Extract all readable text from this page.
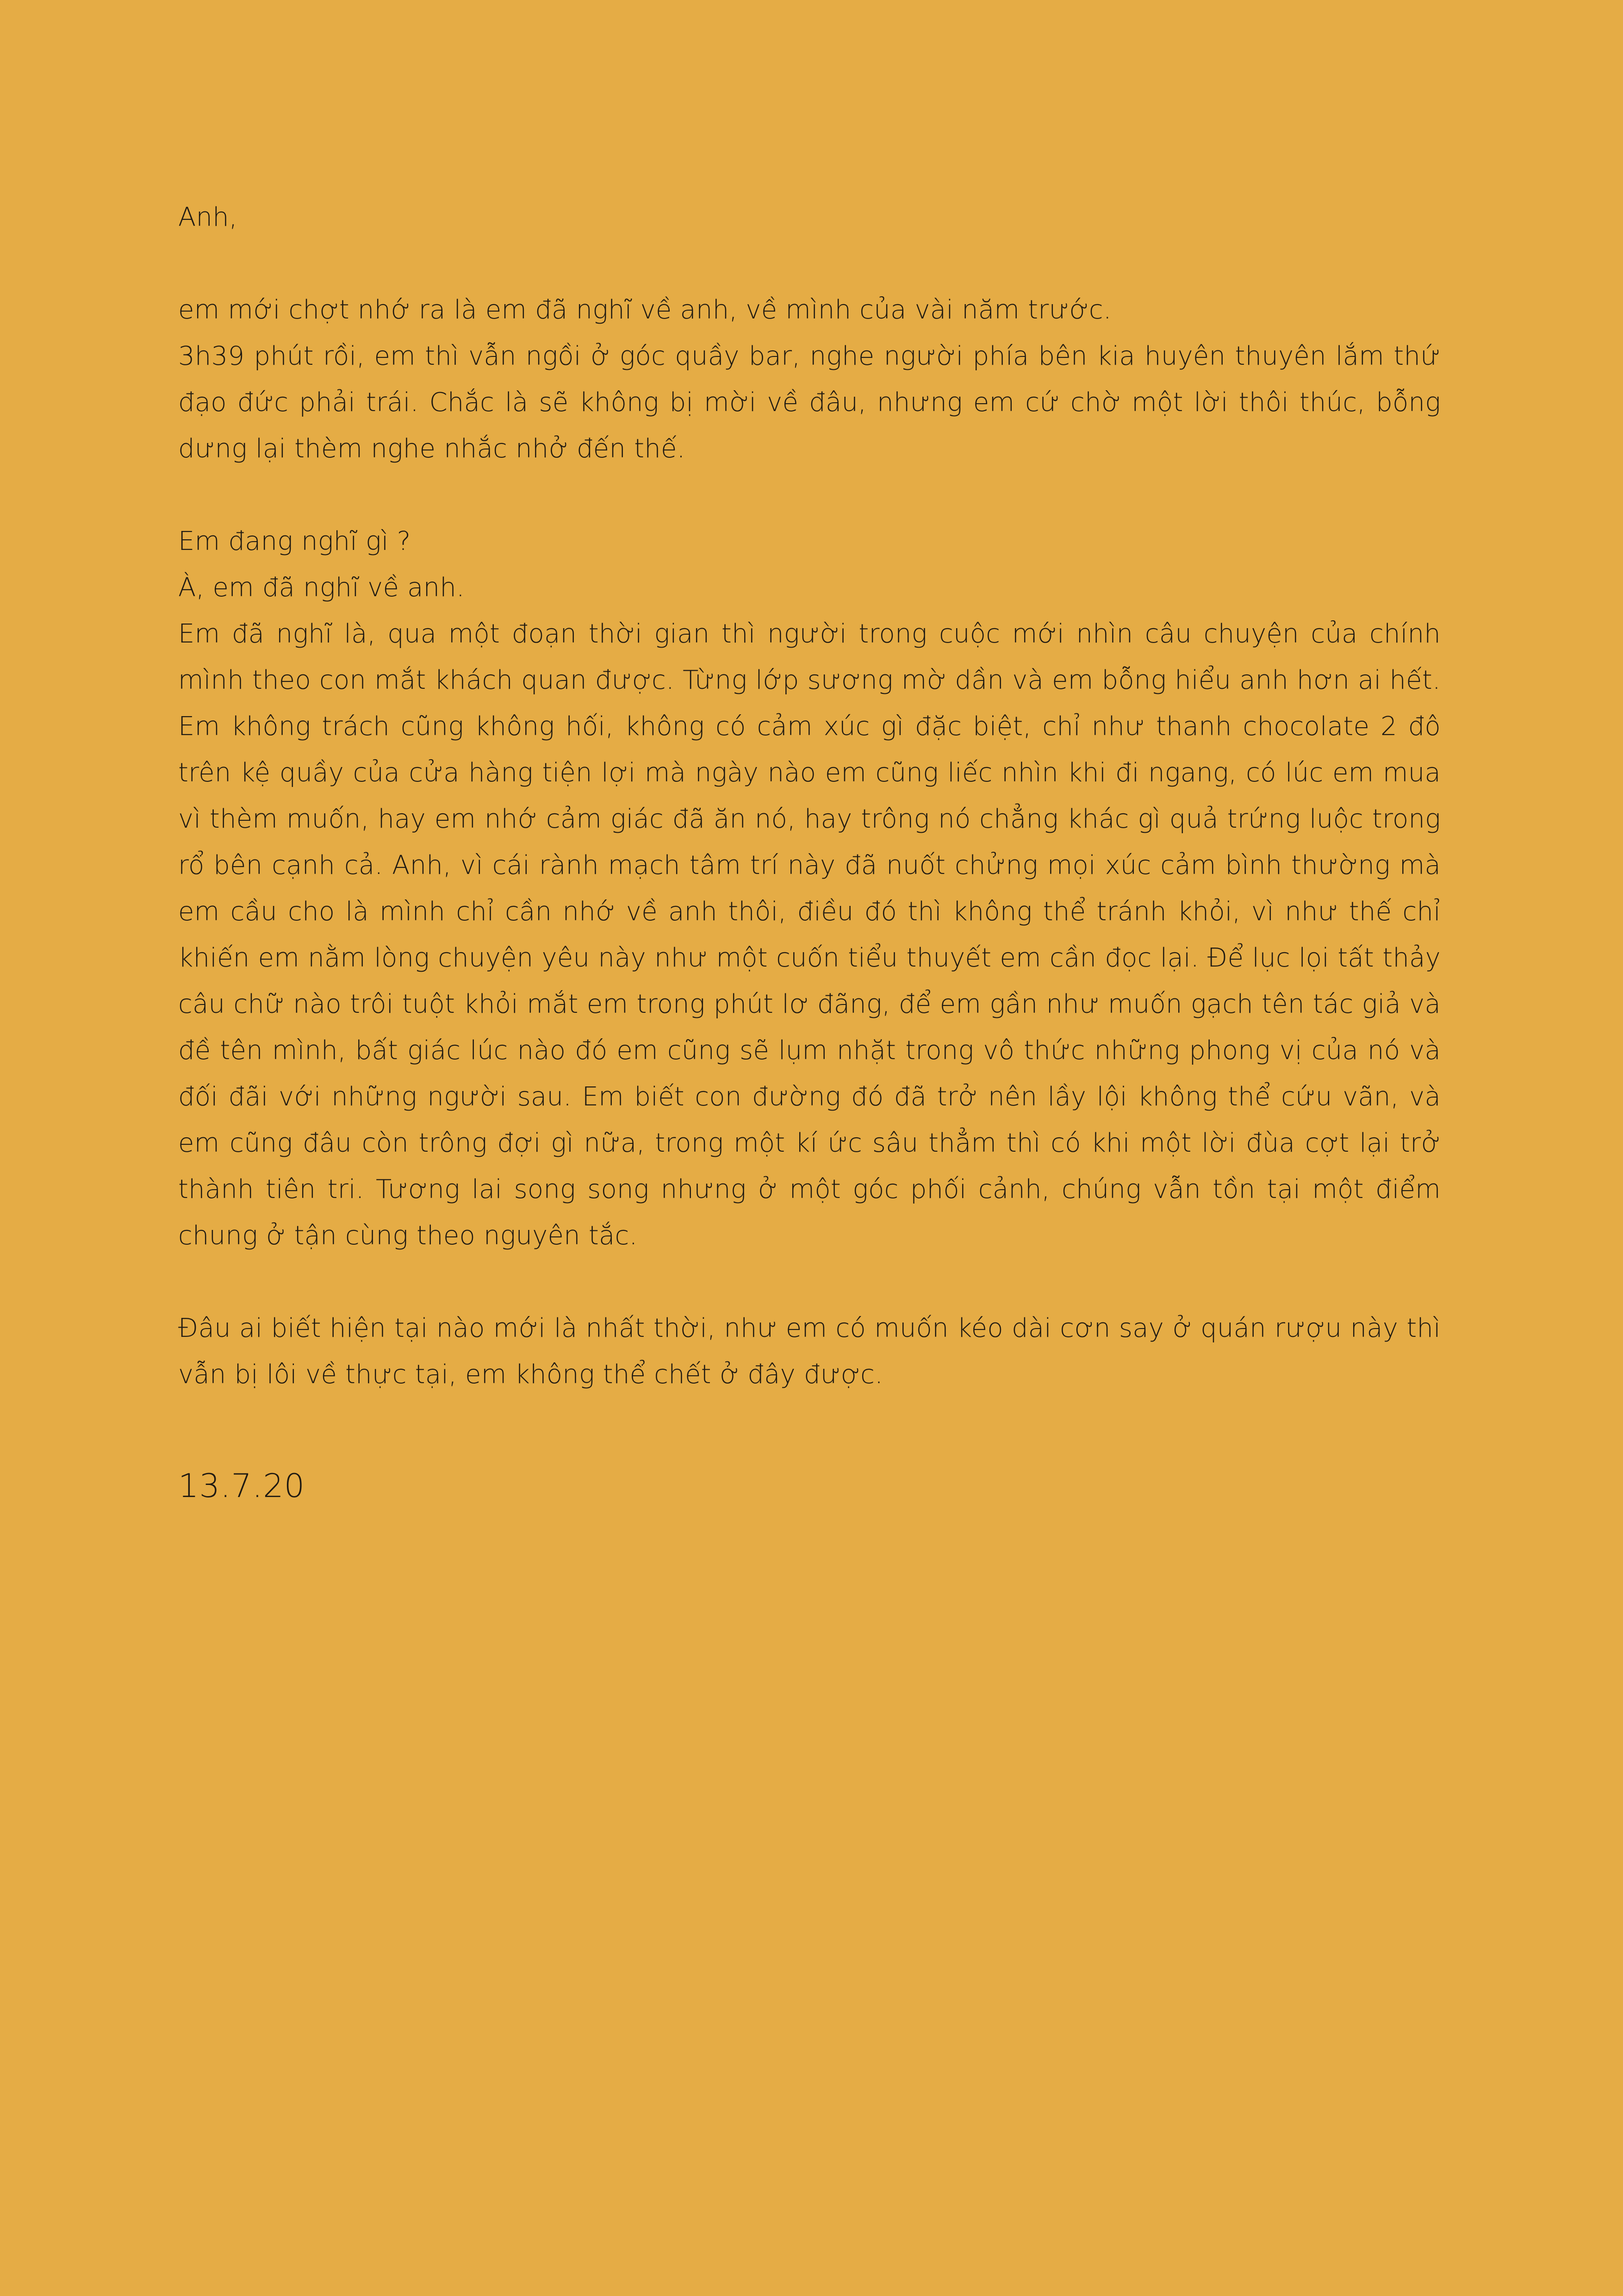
Anh,

em mới chợt nhớ ra là em đã nghĩ về anh, về mình của vài năm trước.

3h39 phút rồi, em thì vẫn ngồi ở góc quầy bar, nghe người phía bên kia huyên thuyên lắm thứ đạo đức phải trái. Chắc là sẽ không bị mời về đâu, nhưng em cứ chờ một lời thôi thúc, bỗng dưng lại thèm nghe nhắc nhở đến thế.

Em đang nghĩ gì ?

À, em đã nghĩ về anh.

Em đã nghĩ là, qua một đoạn thời gian thì người trong cuộc mới nhìn câu chuyện của chính mình theo con mắt khách quan được. Từng lớp sương mờ dần và em bỗng hiểu anh hơn ai hết. Em không trách cũng không hối, không có cảm xúc gì đặc biệt, chỉ như thanh chocolate 2 đô trên kệ quầy của cửa hàng tiện lợi mà ngày nào em cũng liếc nhìn khi đi ngang, có lúc em mua vì thèm muốn, hay em nhớ cảm giác đã ăn nó, hay trông nó chẳng khác gì quả trứng luộc trong rổ bên cạnh cả. Anh, vì cái rành mạch tâm trí này đã nuốt chửng mọi xúc cảm bình thường mà em cầu cho là mình chỉ cần nhớ về anh thôi, điều đó thì không thể tránh khỏi, vì như thế chỉ khiến em nằm lòng chuyện yêu này như một cuốn tiểu thuyết em cần đọc lại. Để lục lọi tất thảy câu chữ nào trôi tuột khỏi mắt em trong phút lơ đãng, để em gần như muốn gạch tên tác giả và đề tên mình, bất giác lúc nào đó em cũng sẽ lụm nhặt trong vô thức những phong vị của nó và đối đãi với những người sau. Em biết con đường đó đã trở nên lầy lội không thể cứu vãn, và em cũng đâu còn trông đợi gì nữa, trong một kí ức sâu thẳm thì có khi một lời đùa cợt lại trở thành tiên tri. Tương lai song song nhưng ở một góc phối cảnh, chúng vẫn tồn tại một điểm chung ở tận cùng theo nguyên tắc.

Đâu ai biết hiện tại nào mới là nhất thời, như em có muốn kéo dài cơn say ở quán rượu này thì vẫn bị lôi về thực tại, em không thể chết ở đây được.

13.7.20
